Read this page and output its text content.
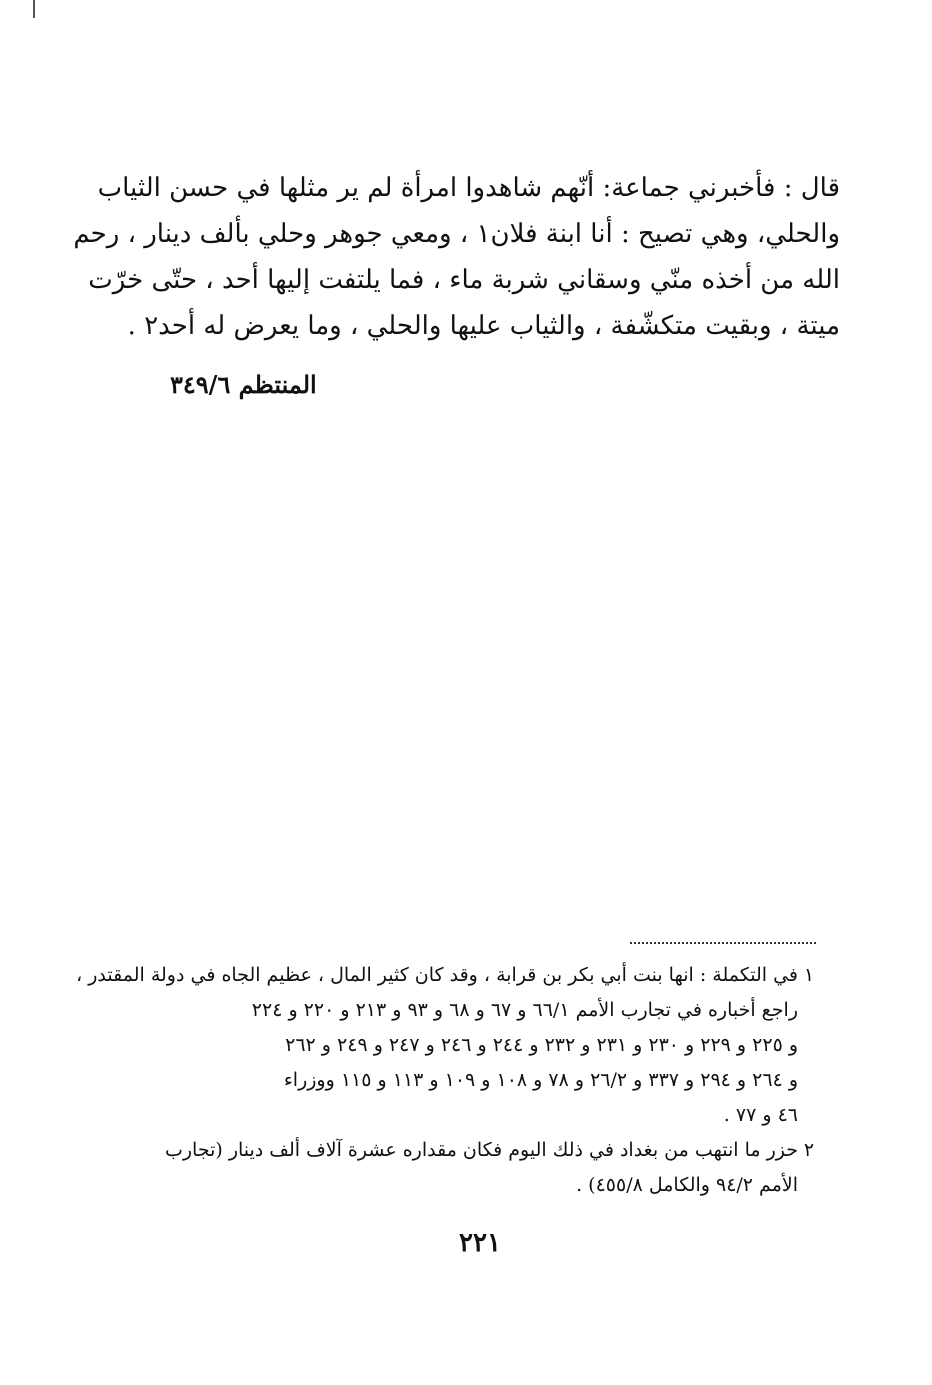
قال : فأخبرني جماعة: أنّهم شاهدوا امرأة لم ير مثلها في حسن الثياب
والحلي، وهي تصيح : أنا ابنة فلان١ ، ومعي جوهر وحلي بألف دينار ، رحم
الله من أخذه منّي وسقاني شربة ماء ، فما يلتفت إليها أحد ، حتّى خرّت
ميتة ، وبقيت متكشّفة ، والثياب عليها والحلي ، وما يعرض له أحد٢ .
المنتظم ٣٤٩/٦
١في التكملة : انها بنت أبي بكر بن قرابة ، وقد كان كثير المال ، عظيم الجاه في دولة المقتدر ،
راجع أخباره في تجارب الأمم ٦٦/١ و ٦٧ و ٦٨ و ٩٣ و ٢١٣ و ٢٢٠ و ٢٢٤
و ٢٢٥ و ٢٢٩ و ٢٣٠ و ٢٣١ و ٢٣٢ و ٢٤٤ و ٢٤٦ و ٢٤٧ و ٢٤٩ و ٢٦٢
و ٢٦٤ و ٢٩٤ و ٣٣٧ و ٢٦/٢ و ٧٨ و ١٠٨ و ١٠٩ و ١١٣ و ١١٥ ووزراء
٤٦ و ٧٧ .
٢حزر ما انتهب من بغداد في ذلك اليوم فكان مقداره عشرة آلاف ألف دينار (تجارب
الأمم ٩٤/٢ والكامل ٤٥٥/٨) .
٢٢١
